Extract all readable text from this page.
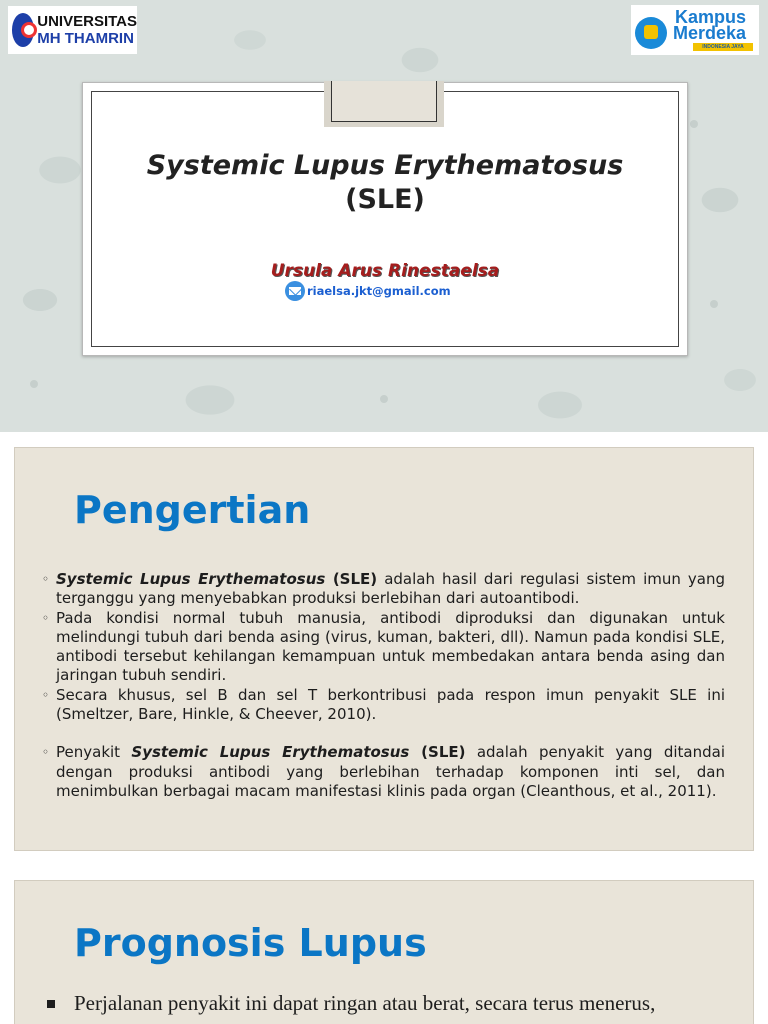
UNIVERSITAS
MH THAMRIN
Kampus
Merdeka
INDONESIA JAYA
Systemic Lupus Erythematosus
(SLE)
Ursula Arus Rinestaelsa
riaelsa.jkt@gmail.com
Pengertian

◦ Systemic Lupus Erythematosus (SLE) adalah hasil dari regulasi sistem imun yang terganggu yang menyebabkan produksi berlebihan dari autoantibodi.

◦ Pada kondisi normal tubuh manusia, antibodi diproduksi dan digunakan untuk melindungi tubuh dari benda asing (virus, kuman, bakteri, dll). Namun pada kondisi SLE, antibodi tersebut kehilangan kemampuan untuk membedakan antara benda asing dan jaringan tubuh sendiri.

◦ Secara khusus, sel B dan sel T berkontribusi pada respon imun penyakit SLE ini (Smeltzer, Bare, Hinkle, & Cheever, 2010).

◦ Penyakit Systemic Lupus Erythematosus (SLE) adalah penyakit yang ditandai dengan produksi antibodi yang berlebihan terhadap komponen inti sel, dan menimbulkan berbagai macam manifestasi klinis pada organ (Cleanthous, et al., 2011).

Prognosis Lupus
Perjalanan penyakit ini dapat ringan atau berat, secara terus menerus,
